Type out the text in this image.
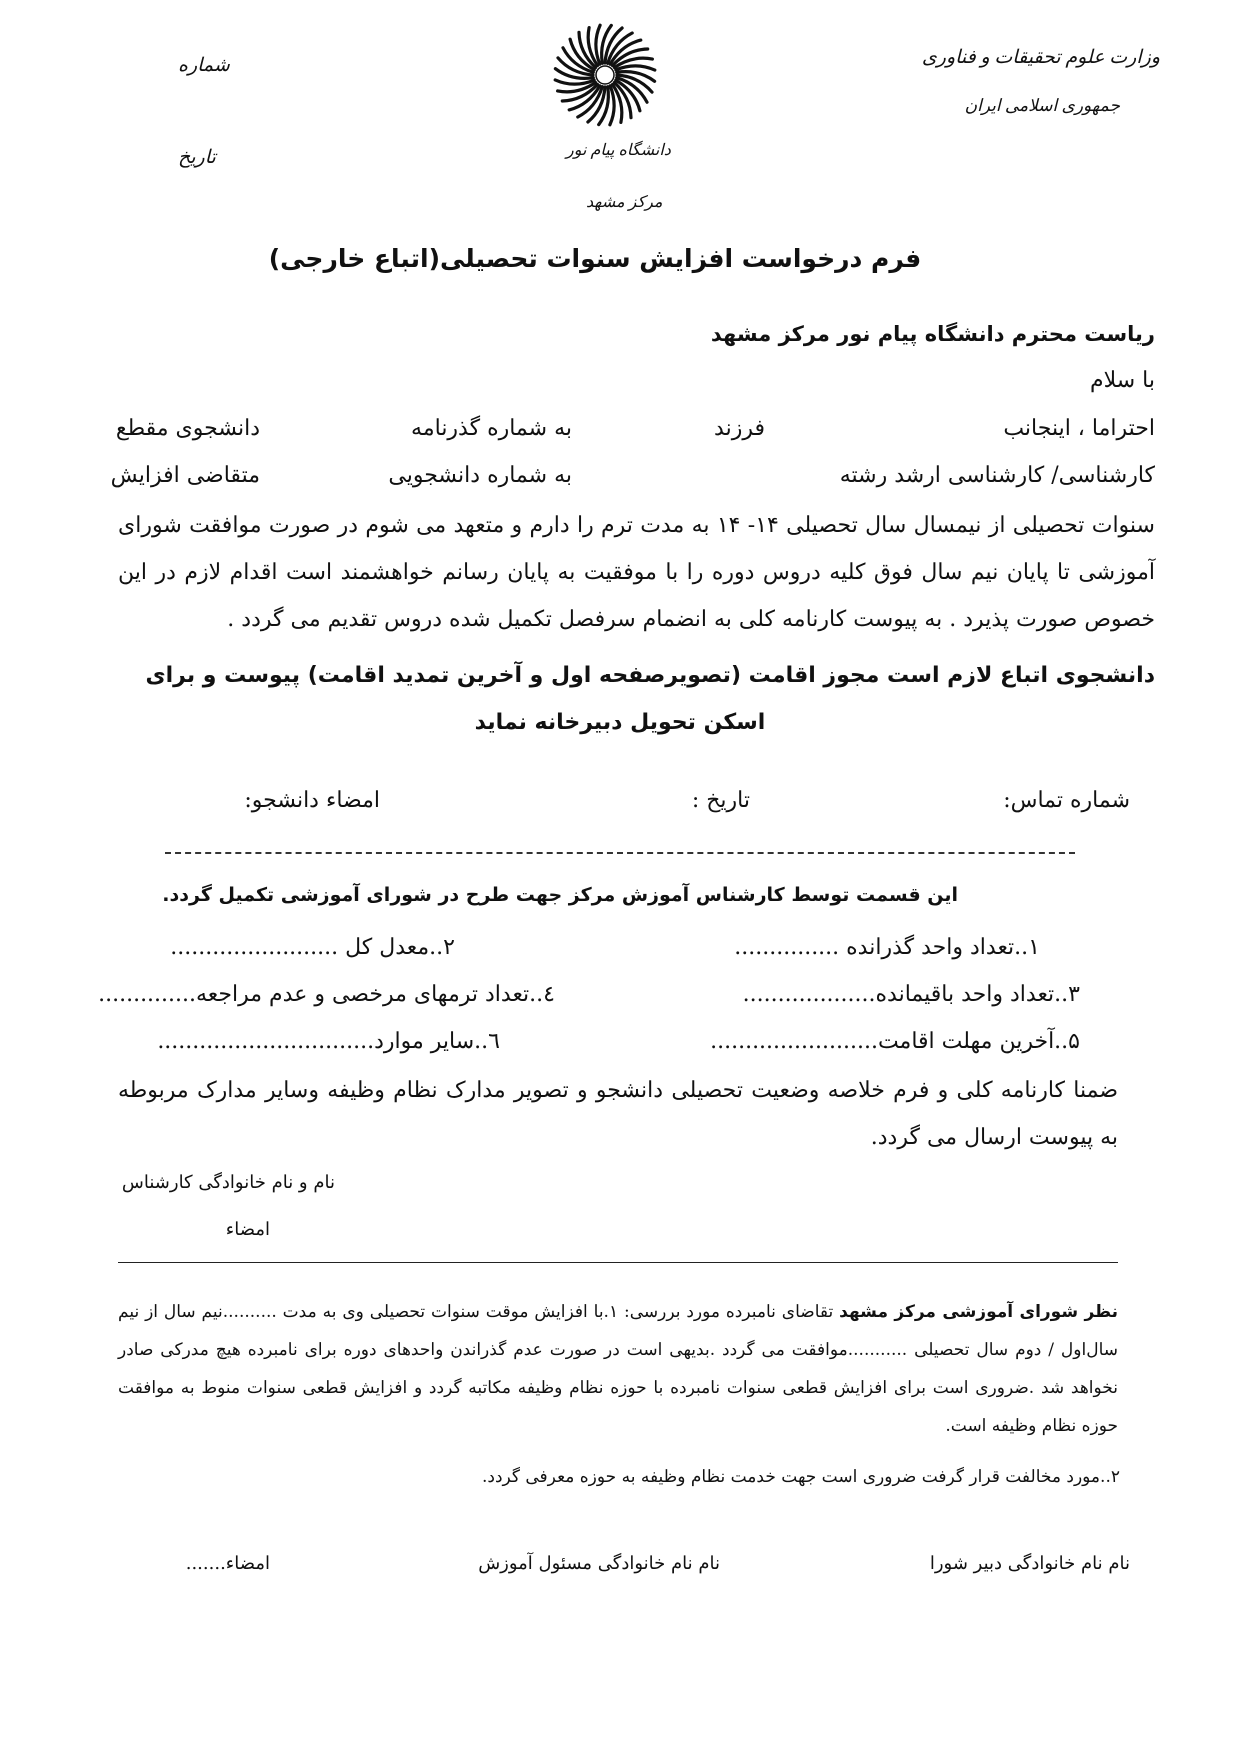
وزارت علوم تحقیقات و فناوری
جمهوری اسلامی ایران
دانشگاه پیام نور
مرکز مشهد
شماره
تاریخ
فرم درخواست افزایش سنوات تحصیلی(اتباع خارجی)
ریاست محترم دانشگاه پیام نور مرکز مشهد
با سلام
احتراما ، اینجانب
فرزند
به شماره گذرنامه
دانشجوی مقطع
کارشناسی/ کارشناسی ارشد رشته
به شماره دانشجویی
متقاضی افزایش
سنوات تحصیلی از نیمسال سال تحصیلی ۱۴- ۱۴ به مدت ترم را دارم و متعهد می شوم در صورت موافقت شورای آموزشی تا پایان نیم سال فوق کلیه دروس دوره را با موفقیت به پایان رسانم خواهشمند است اقدام لازم در این خصوص صورت پذیرد . به پیوست کارنامه کلی به انضمام سرفصل تکمیل شده دروس تقدیم می گردد .
دانشجوی اتباع لازم است مجوز اقامت (تصویرصفحه اول و آخرین تمدید اقامت) پیوست و برای
اسکن تحویل دبیرخانه نماید
شماره تماس:
تاریخ :
امضاء دانشجو:
این قسمت توسط کارشناس آموزش مرکز جهت طرح در شورای آموزشی تکمیل گردد.
۱..تعداد واحد گذرانده ...............
۲..معدل کل ........................
۳..تعداد واحد باقیمانده...................
٤..تعداد ترمهای مرخصی و عدم مراجعه..............
۵..آخرین مهلت اقامت........................
٦..سایر موارد...............................
ضمنا کارنامه کلی و فرم خلاصه وضعیت تحصیلی دانشجو و تصویر مدارک نظام وظیفه وسایر مدارک مربوطه به پیوست ارسال می گردد.
نام و نام خانوادگی کارشناس
امضاء
نظر شورای آموزشی مرکز مشهد تقاضای نامبرده مورد بررسی: ۱.با افزایش موقت سنوات تحصیلی وی به مدت ..........نیم سال از نیم سال‌اول / دوم سال تحصیلی ...........موافقت می گردد .بدیهی است در صورت عدم گذراندن واحدهای دوره برای نامبرده هیچ مدرکی صادر نخواهد شد .ضروری است برای افزایش قطعی سنوات نامبرده با حوزه نظام وظیفه مکاتبه گردد و افزایش قطعی سنوات منوط به موافقت حوزه نظام وظیفه است.
۲..مورد مخالفت قرار گرفت ضروری است جهت خدمت نظام وظیفه به حوزه معرفی گردد.
نام نام خانوادگی دبیر شورا
نام نام خانوادگی مسئول آموزش
امضاء.......
